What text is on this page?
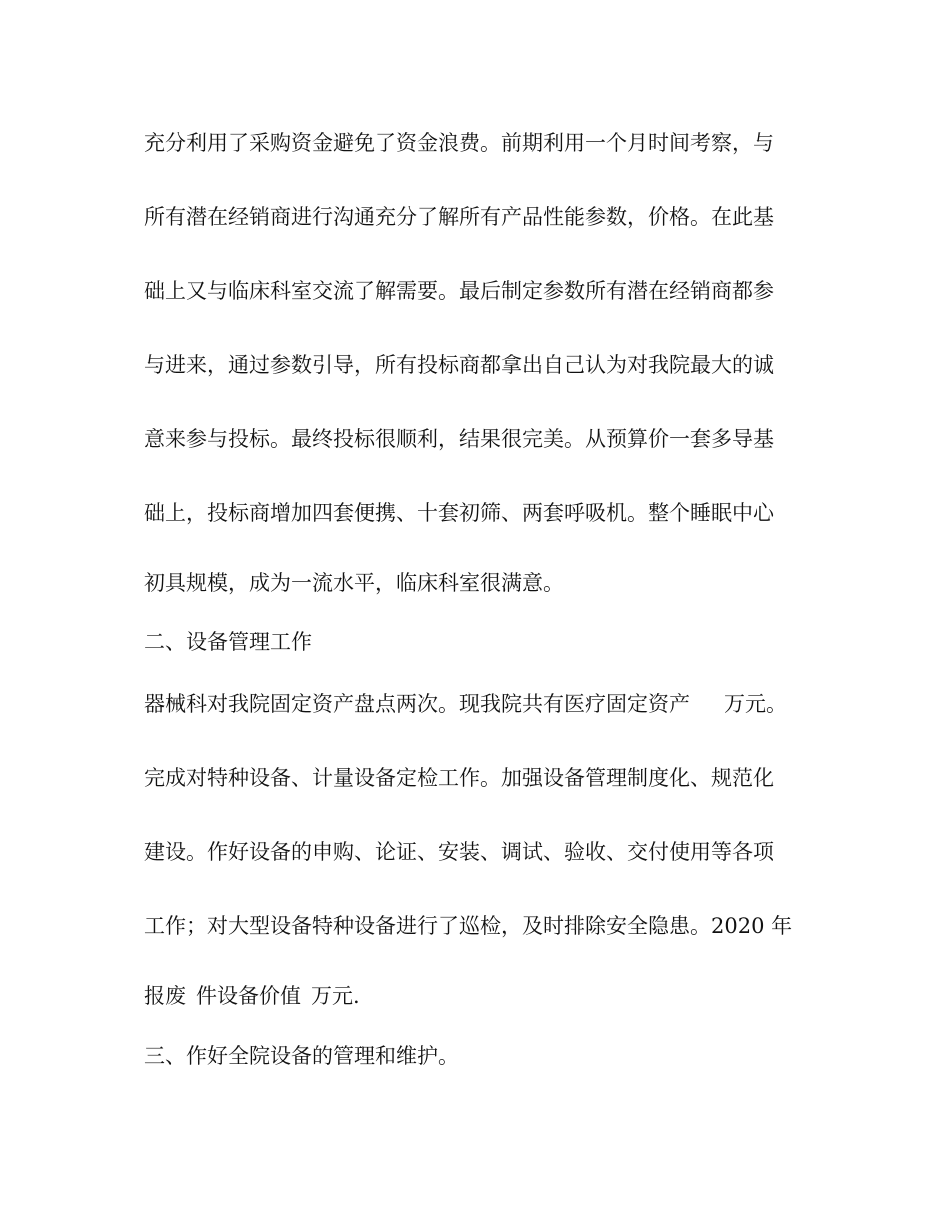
充分利用了采购资金避免了资金浪费。前期利用一个月时间考察，与

所有潜在经销商进行沟通充分了解所有产品性能参数，价格。在此基

础上又与临床科室交流了解需要。最后制定参数所有潜在经销商都参

与进来，通过参数引导，所有投标商都拿出自己认为对我院最大的诚

意来参与投标。最终投标很顺利，结果很完美。从预算价一套多导基

础上，投标商增加四套便携、十套初筛、两套呼吸机。整个睡眠中心

初具规模，成为一流水平，临床科室很满意。

二、设备管理工作

器械科对我院固定资产盘点两次。现我院共有医疗固定资产 万元。

完成对特种设备、计量设备定检工作。加强设备管理制度化、规范化

建设。作好设备的申购、论证、安装、调试、验收、交付使用等各项

工作；对大型设备特种设备进行了巡检，及时排除安全隐患。2020 年

报废 件设备价值 万元.

三、作好全院设备的管理和维护。
